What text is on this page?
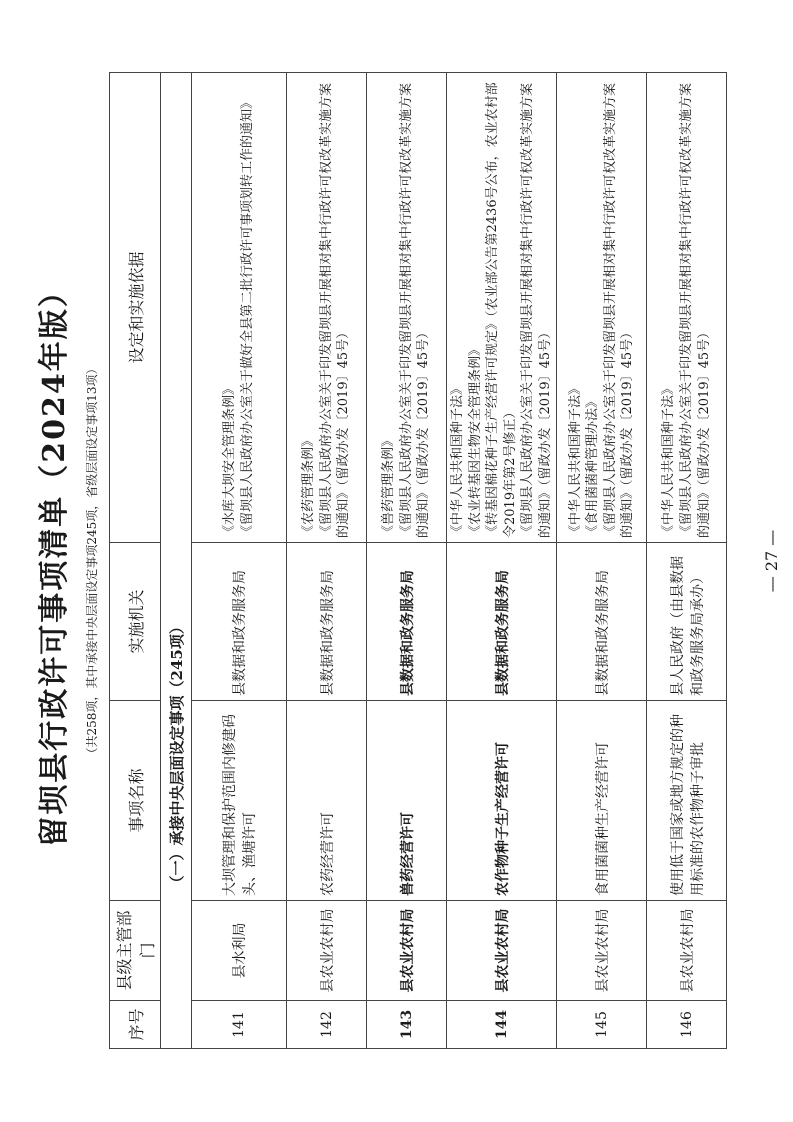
留坝县行政许可事项清单（2024年版） （共258项，其中承接中央层面设定事项245项，省级层面设定事项13项）
序号	县级主管部门	事项名称	实施机关	设定和实施依据
		（一）承接中央层面设定事项（245项）		
141	县水利局	大坝管理和保护范围内修建码头、渔塘许可	县数据和政务服务局	《水库大坝安全管理条例》 《留坝县人民政府办公室关于做好全县第二批行政许可事项划转工作的通知》

142	县农业农村局	农药经营许可	县数据和政务服务局	《农药管理条例》 《留坝县人民政府办公室关于印发留坝县开展相对集中行政许可权改革实施方案的通知》（留政办发〔2019〕45号）

143	县农业农村局	兽药经营许可	县数据和政务服务局	《兽药管理条例》 《留坝县人民政府办公室关于印发留坝县开展相对集中行政许可权改革实施方案的通知》（留政办发〔2019〕45号）

144	县农业农村局	农作物种子生产经营许可	县数据和政务服务局	《中华人民共和国种子法》 《农业转基因生物安全管理条例》 《转基因棉花种子生产经营许可规定》（农业部公告第2436号公布，农业农村部令2019年第2号修正） 《留坝县人民政府办公室关于印发留坝县开展相对集中行政许可权改革实施方案的通知》（留政办发〔2019〕45号）

145	县农业农村局	食用菌菌种生产经营许可	县数据和政务服务局	《中华人民共和国种子法》 《食用菌菌种管理办法》 《留坝县人民政府办公室关于印发留坝县开展相对集中行政许可权改革实施方案的通知》（留政办发〔2019〕45号）

146	县农业农村局	使用低于国家或地方规定的种用标准的农作物种子审批	县人民政府（由县数据和政务服务局承办）	《中华人民共和国种子法》 《留坝县人民政府办公室关于印发留坝县开展相对集中行政许可权改革实施方案的通知》（留政办发〔2019〕45号）
— 27 —
